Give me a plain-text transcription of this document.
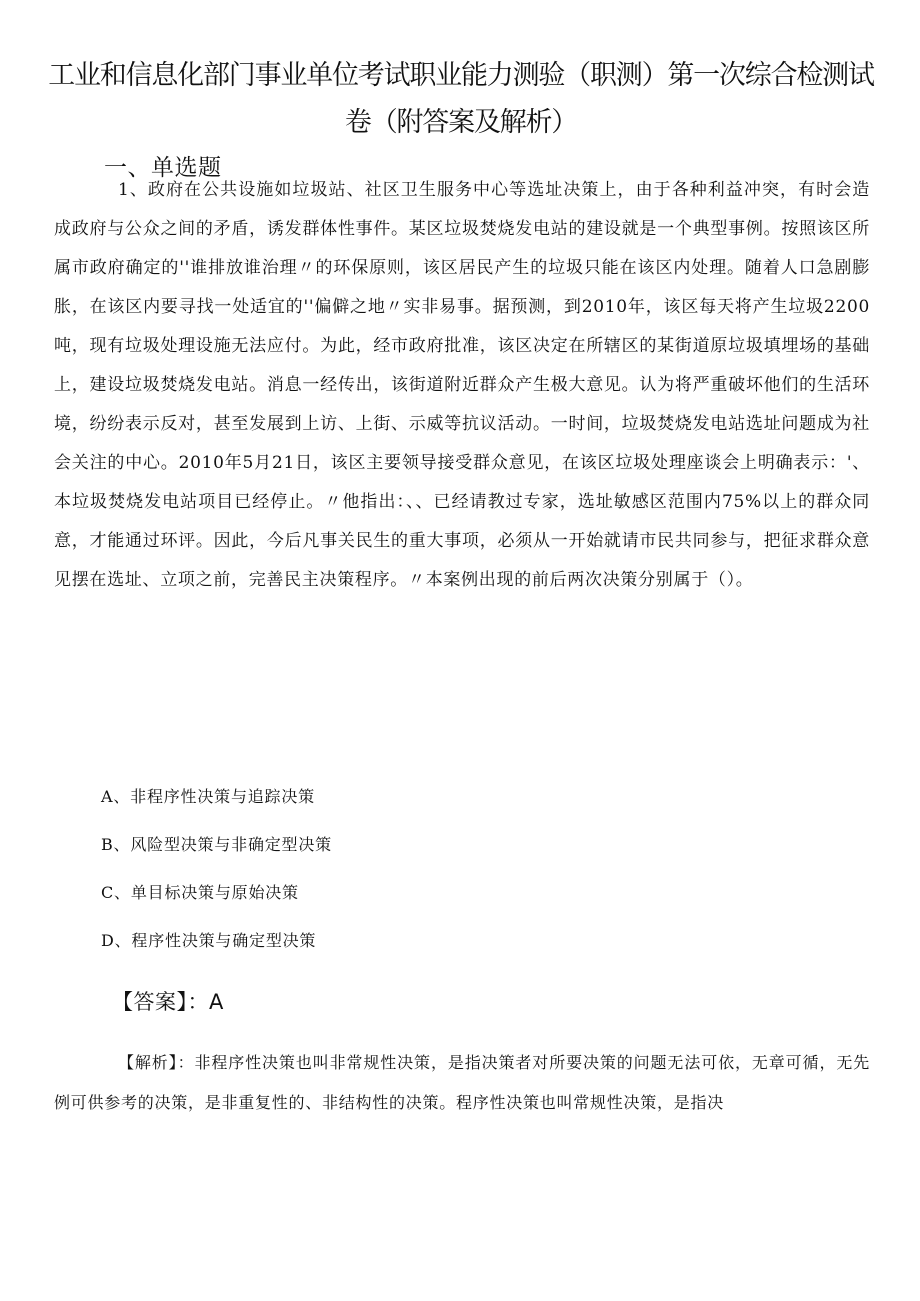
工业和信息化部门事业单位考试职业能力测验（职测）第一次综合检测试卷（附答案及解析）
一、单选题

1、政府在公共设施如垃圾站、社区卫生服务中心等选址决策上，由于各种利益冲突，有时会造成政府与公众之间的矛盾，诱发群体性事件。某区垃圾焚烧发电站的建设就是一个典型事例。按照该区所属市政府确定的''谁排放谁治理〃的环保原则，该区居民产生的垃圾只能在该区内处理。随着人口急剧膨胀，在该区内要寻找一处适宜的''偏僻之地〃实非易事。据预测，到2010年，该区每天将产生垃圾2200吨，现有垃圾处理设施无法应付。为此，经市政府批准，该区决定在所辖区的某街道原垃圾填埋场的基础上，建设垃圾焚烧发电站。消息一经传出，该街道附近群众产生极大意见。认为将严重破坏他们的生活环境，纷纷表示反对，甚至发展到上访、上街、示威等抗议活动。一时间，垃圾焚烧发电站选址问题成为社会关注的中心。2010年5月21日，该区主要领导接受群众意见，在该区垃圾处理座谈会上明确表示：'、本垃圾焚烧发电站项目已经停止。〃他指出：、、已经请教过专家，选址敏感区范围内75%以上的群众同意，才能通过环评。因此，今后凡事关民生的重大事项，必须从一开始就请市民共同参与，把征求群众意见摆在选址、立项之前，完善民主决策程序。〃本案例出现的前后两次决策分别属于（）。

A、非程序性决策与追踪决策
B、风险型决策与非确定型决策
C、单目标决策与原始决策
D、程序性决策与确定型决策

【答案】：A

【解析】：非程序性决策也叫非常规性决策，是指决策者对所要决策的问题无法可依，无章可循，无先例可供参考的决策，是非重复性的、非结构性的决策。程序性决策也叫常规性决策，是指决
